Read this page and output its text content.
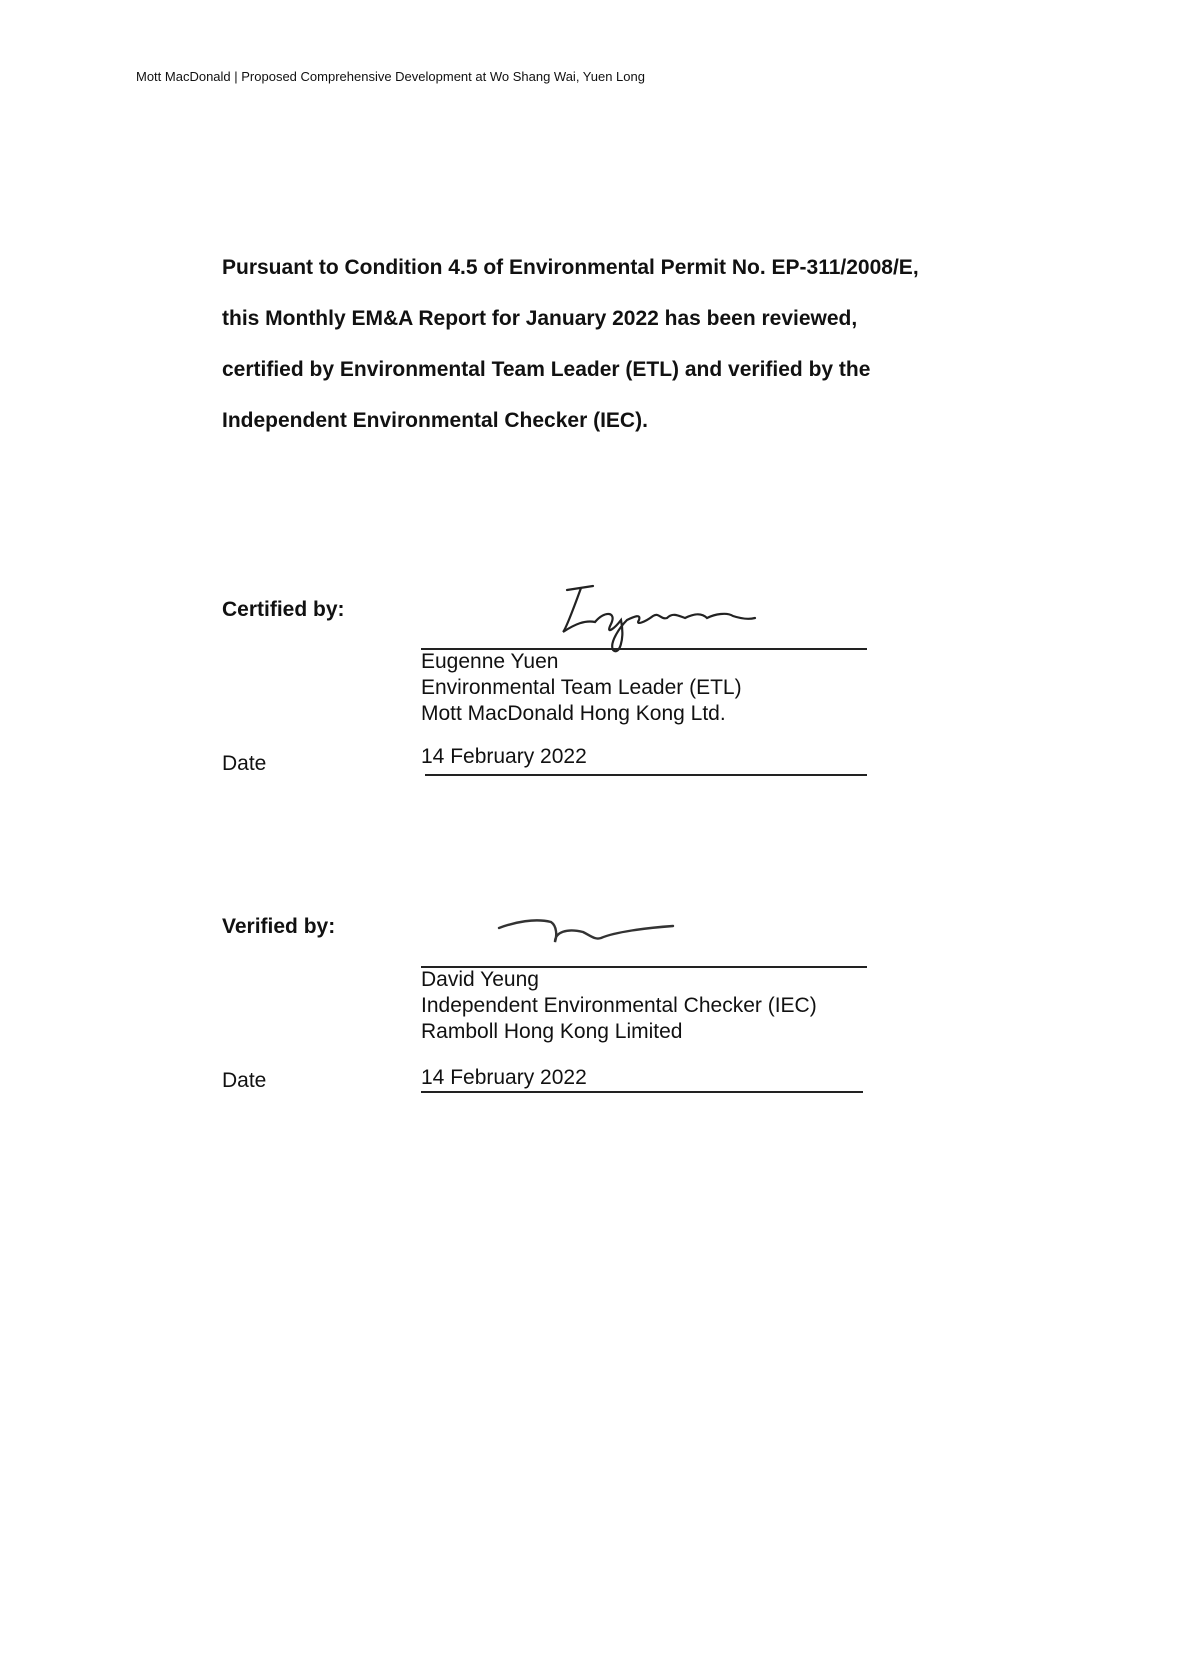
Mott MacDonald | Proposed Comprehensive Development at Wo Shang Wai, Yuen Long
Pursuant to Condition 4.5 of Environmental Permit No. EP-311/2008/E,
this Monthly EM&A Report for January 2022 has been reviewed,
certified by Environmental Team Leader (ETL) and verified by the
Independent Environmental Checker (IEC).
Certified by:
Eugenne Yuen
Environmental Team Leader (ETL)
Mott MacDonald Hong Kong Ltd.
Date	14 February 2022
Verified by:
David Yeung
Independent Environmental Checker (IEC)
Ramboll Hong Kong Limited
Date	14 February 2022
